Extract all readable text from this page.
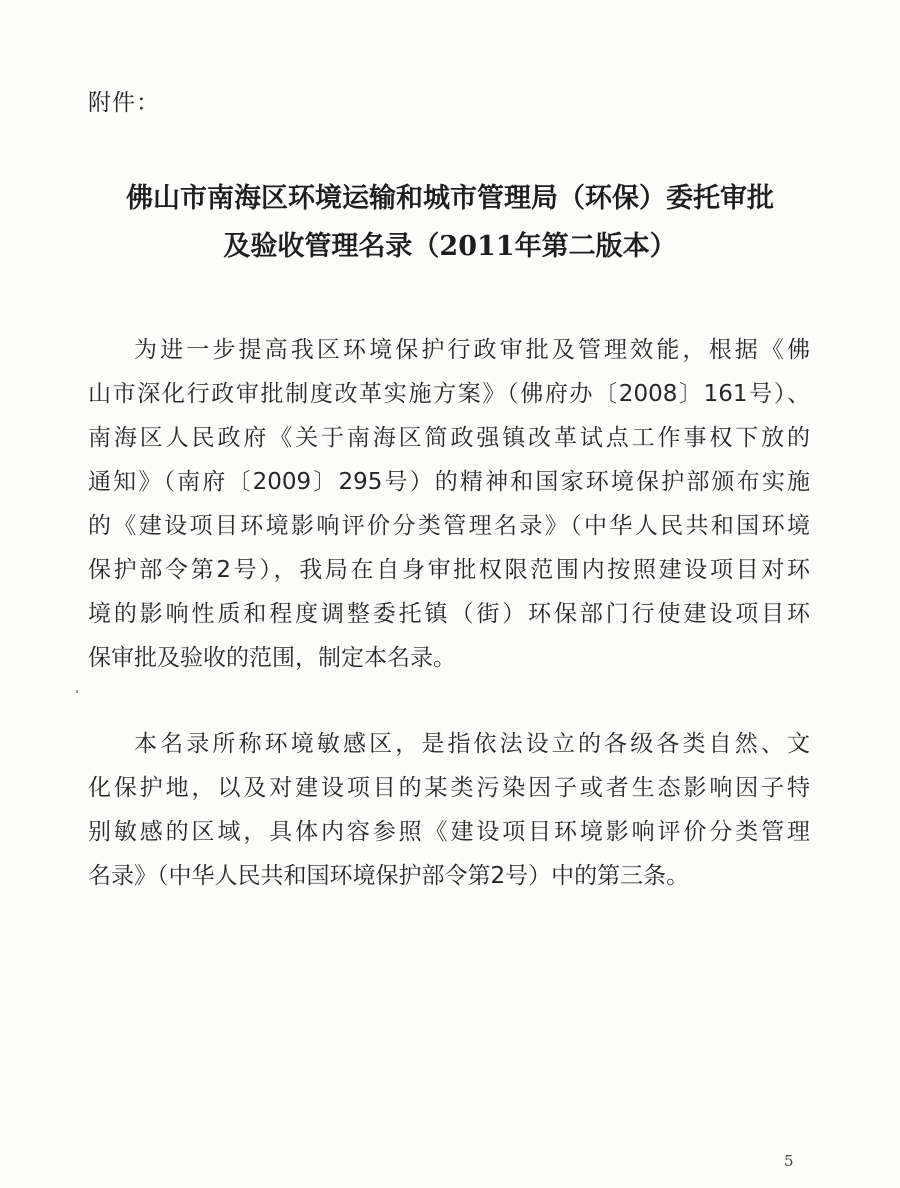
附件：
佛山市南海区环境运输和城市管理局（环保）委托审批
及验收管理名录（2011年第二版本）
为进一步提高我区环境保护行政审批及管理效能，根据《佛
山市深化行政审批制度改革实施方案》（佛府办〔2008〕161号）、
南海区人民政府《关于南海区简政强镇改革试点工作事权下放的
通知》（南府〔2009〕295号）的精神和国家环境保护部颁布实施
的《建设项目环境影响评价分类管理名录》（中华人民共和国环境
保护部令第2号），我局在自身审批权限范围内按照建设项目对环
境的影响性质和程度调整委托镇（街）环保部门行使建设项目环
保审批及验收的范围，制定本名录。
本名录所称环境敏感区，是指依法设立的各级各类自然、文
化保护地，以及对建设项目的某类污染因子或者生态影响因子特
别敏感的区域，具体内容参照《建设项目环境影响评价分类管理
名录》（中华人民共和国环境保护部令第2号）中的第三条。
5
